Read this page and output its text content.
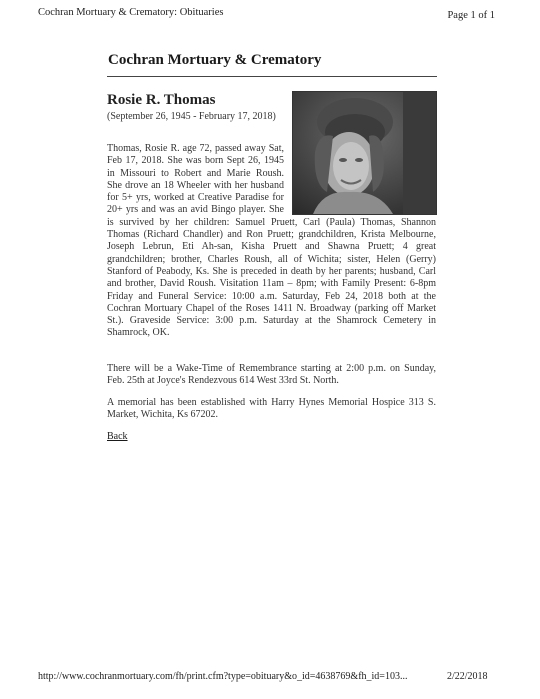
Cochran Mortuary & Crematory: Obituaries	Page 1 of 1
Cochran Mortuary & Crematory
Rosie R. Thomas
(September 26, 1945 - February 17, 2018)
Thomas, Rosie R. age 72, passed away Sat, Feb 17, 2018. She was born Sept 26, 1945 in Missouri to Robert and Marie Roush. She drove an 18 Wheeler with her husband for 5+ yrs, worked at Creative Paradise for 20+ yrs and was an avid Bingo player. She is survived by her children: Samuel Pruett, Carl (Paula) Thomas, Shannon Thomas (Richard Chandler) and Ron Pruett; grandchildren, Krista Melbourne, Joseph Lebrun, Eti Ah-san, Kisha Pruett and Shawna Pruett; 4 great grandchildren; brother, Charles Roush, all of Wichita; sister, Helen (Gerry) Stanford of Peabody, Ks. She is preceded in death by her parents; husband, Carl and brother, David Roush. Visitation 11am – 8pm; with Family Present: 6-8pm Friday and Funeral Service: 10:00 a.m. Saturday, Feb 24, 2018 both at the Cochran Mortuary Chapel of the Roses 1411 N. Broadway (parking off Market St.). Graveside Service: 3:00 p.m. Saturday at the Shamrock Cemetery in Shamrock, OK.

There will be a Wake-Time of Remembrance starting at 2:00 p.m. on Sunday, Feb. 25th at Joyce's Rendezvous 614 West 33rd St. North.

A memorial has been established with Harry Hynes Memorial Hospice 313 S. Market, Wichita, Ks 67202.

Back
http://www.cochranmortuary.com/fh/print.cfm?type=obituary&o_id=4638769&fh_id=103...	2/22/2018
